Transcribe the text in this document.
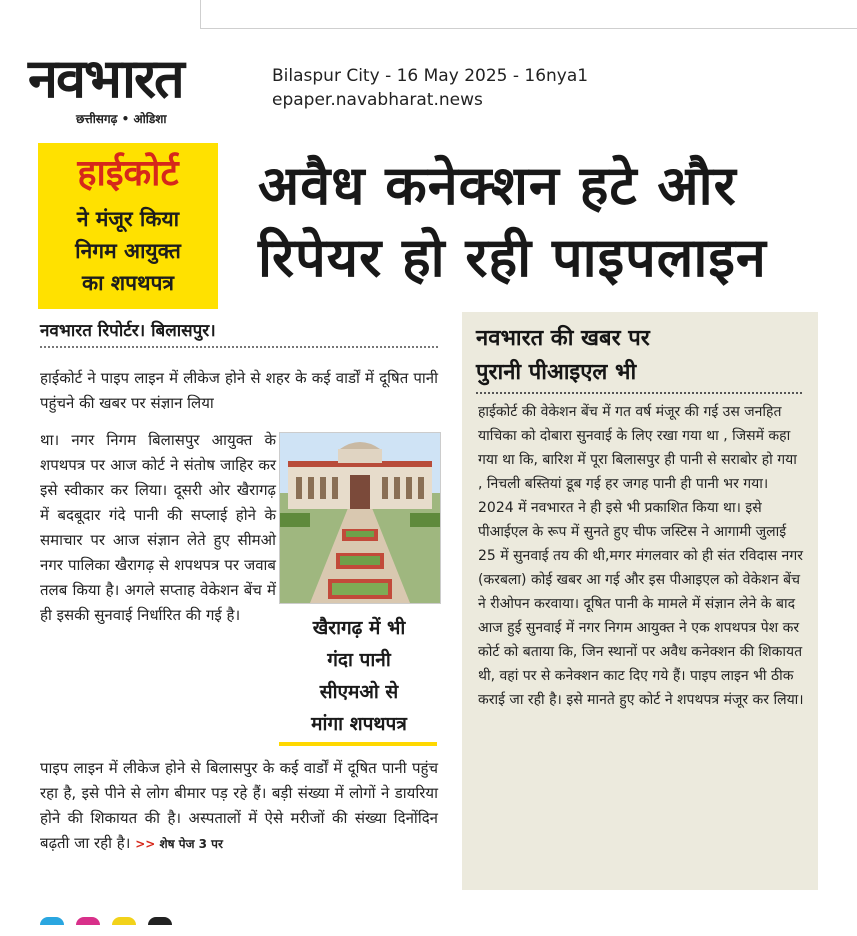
नवभारत
छत्तीसगढ़ • ओडिशा
Bilaspur City - 16 May 2025 - 16nya1
epaper.navabharat.news
हाईकोर्ट
ने मंजूर किया
निगम आयुक्त
का शपथपत्र
अवैध कनेक्शन हटे और
रिपेयर हो रही पाइपलाइन
नवभारत रिपोर्टर। बिलासपुर।
हाईकोर्ट ने पाइप लाइन में लीकेज होने से शहर के कई वार्डों में दूषित पानी पहुंचने की खबर पर संज्ञान लिया
था। नगर निगम बिलासपुर आयुक्त के शपथपत्र पर आज कोर्ट ने संतोष जाहिर कर इसे स्वीकार कर लिया। दूसरी ओर खैरागढ़ में बदबूदार गंदे पानी की सप्लाई होने के समाचार पर आज संज्ञान लेते हुए सीमओ नगर पालिका खैरागढ़ से शपथपत्र पर जवाब तलब किया है। अगले सप्ताह वेकेशन बेंच में ही इसकी सुनवाई निर्धारित की गई है।
खैरागढ़ में भी
गंदा पानी
सीएमओ से
मांगा शपथपत्र
पाइप लाइन में लीकेज होने से बिलासपुर के कई वार्डों में दूषित पानी पहुंच रहा है, इसे पीने से लोग बीमार पड़ रहे हैं। बड़ी संख्या में लोगों ने डायरिया होने की शिकायत की है। अस्पतालों में ऐसे मरीजों की संख्या दिनोंदिन बढ़ती जा रही है। >> शेष पेज 3 पर
नवभारत की खबर पर
पुरानी पीआइएल भी
हाईकोर्ट की वेकेशन बेंच में गत वर्ष मंजूर की गई उस जनहित याचिका को दोबारा सुनवाई के लिए रखा गया था , जिसमें कहा गया था कि, बारिश में पूरा बिलासपुर ही पानी से सराबोर हो गया , निचली बस्तियां डूब गई हर जगह पानी ही पानी भर गया। 2024 में नवभारत ने ही इसे भी प्रकाशित किया था। इसे पीआईएल के रूप में सुनते हुए चीफ जस्टिस ने आगामी जुलाई 25 में सुनवाई तय की थी,मगर मंगलवार को ही संत रविदास नगर (करबला) कोई खबर आ गई और इस पीआइएल को वेकेशन बेंच ने रीओपन करवाया। दूषित पानी के मामले में संज्ञान लेने के बाद आज हुई सुनवाई में नगर निगम आयुक्त ने एक शपथपत्र पेश कर कोर्ट को बताया कि, जिन स्थानों पर अवैध कनेक्शन की शिकायत थी, वहां पर से कनेक्शन काट दिए गये हैं। पाइप लाइन भी ठीक कराई जा रही है। इसे मानते हुए कोर्ट ने शपथपत्र मंजूर कर लिया।
